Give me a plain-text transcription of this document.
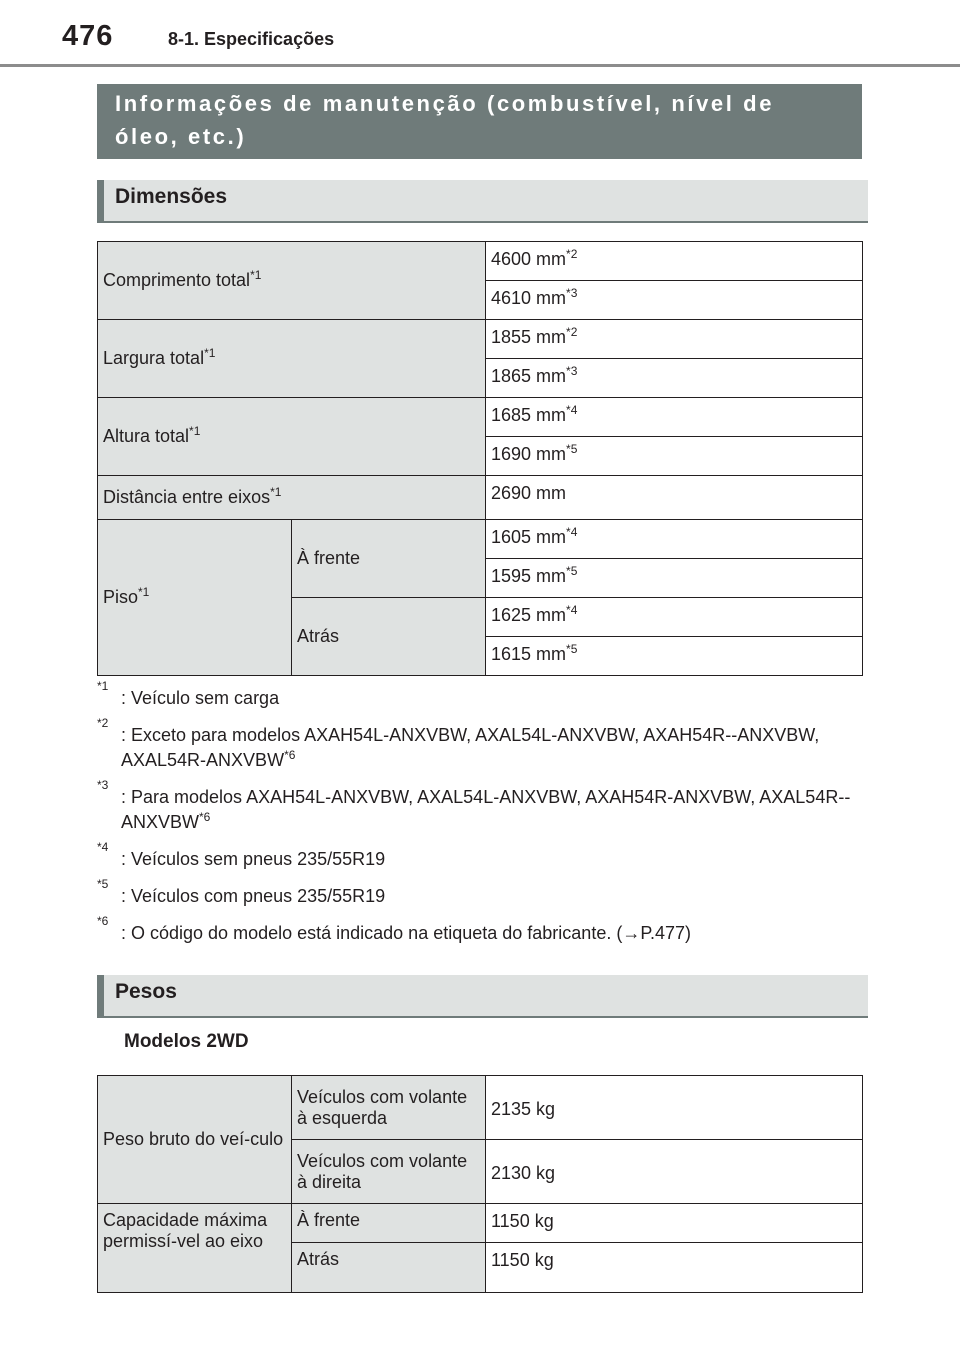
476	8-1. Especificações
Informações de manutenção (combustível, nível de óleo, etc.)
Dimensões
Comprimento total$^{*1}$		4600 $mm^{*2}$
		4610 $mm^{*3}$
Largura total$^{*1}$		1855 $mm^{*2}$
		1865 $mm^{*3}$
Altura total$^{*1}$		1685 $mm^{*4}$
		1690 $mm^{*5}$
Distância entre eixos$^{*1}$		2690 mm
Piso$^{*1}$	À frente	1605 $mm^{*4}$
		1595 $mm^{*5}$
	Atrás	1625 $mm^{*4}$
		1615 $mm^{*5}$
*1
: Veículo sem carga
*2
: Exceto para modelos AXAH54L-ANXVBW, AXAL54L-ANXVBW, AXAH54R--ANXVBW, AXAL54R-ANXVBW$^{*6}$
*3
: Para modelos AXAH54L-ANXVBW, AXAL54L-ANXVBW, AXAH54R-ANXVBW, AXAL54R--ANXVBW$^{*6}$
*4
: Veículos sem pneus 235/55R19
*5
: Veículos com pneus 235/55R19
*6
: O código do modelo está indicado na etiqueta do fabricante. (→P.477)
Pesos
Modelos 2WD
Peso bruto do veí-culo	Veículos com volante à esquerda	2135 kg
	Veículos com volante à direita	2130 kg
Capacidade máxima permissí-vel ao eixo	À frente	1150 kg
	Atrás	1150 kg
